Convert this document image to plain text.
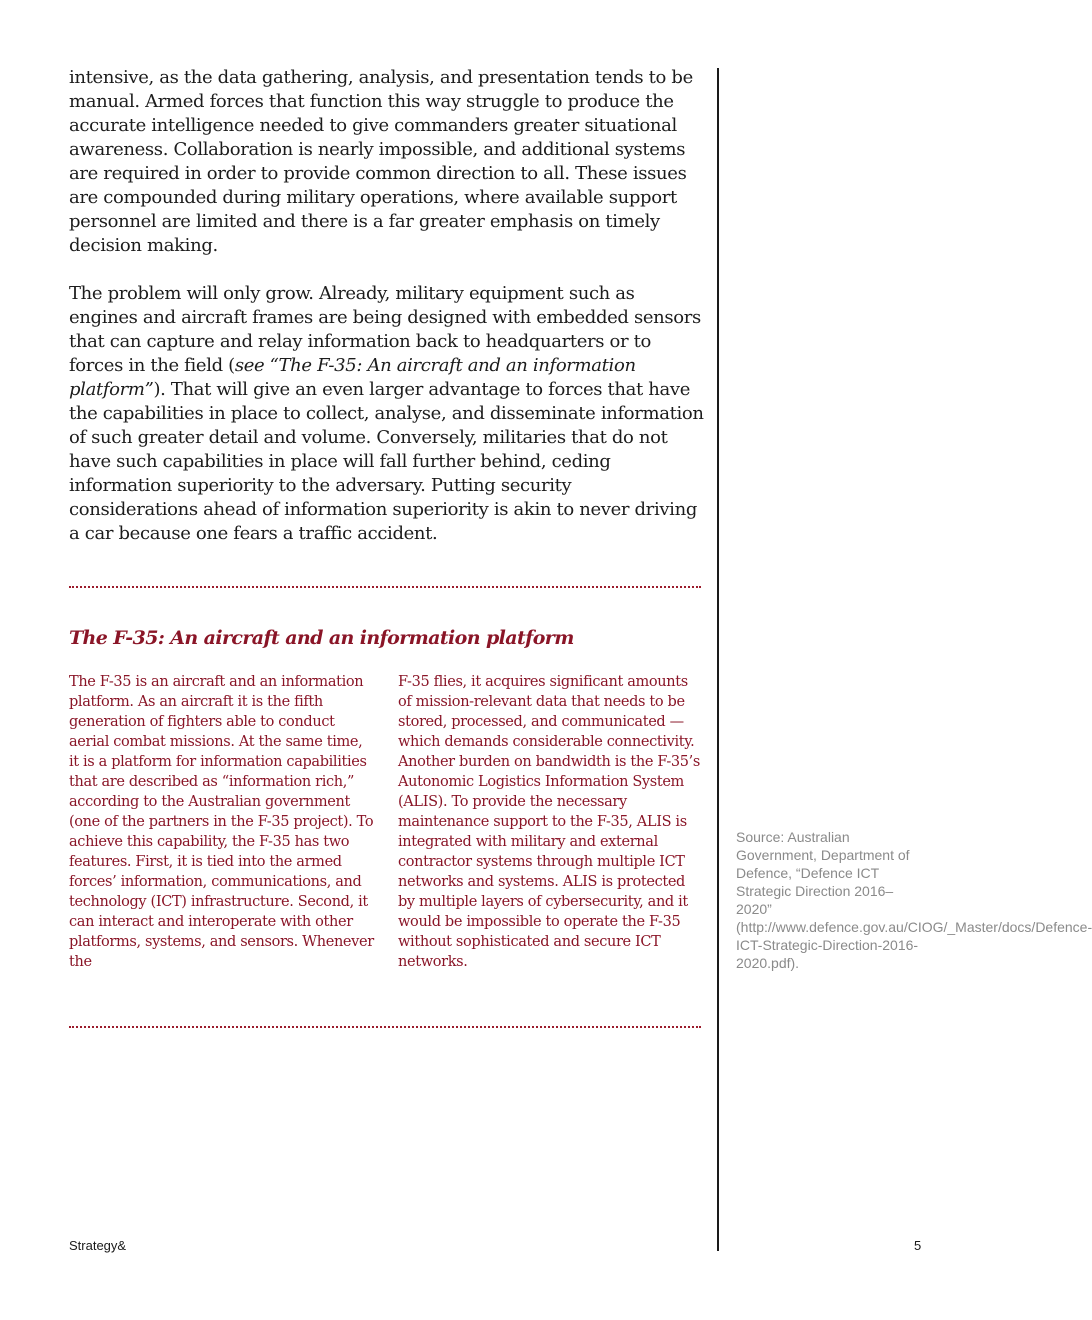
intensive, as the data gathering, analysis, and presentation tends to be manual. Armed forces that function this way struggle to produce the accurate intelligence needed to give commanders greater situational awareness. Collaboration is nearly impossible, and additional systems are required in order to provide common direction to all. These issues are compounded during military operations, where available support personnel are limited and there is a far greater emphasis on timely decision making.

The problem will only grow. Already, military equipment such as engines and aircraft frames are being designed with embedded sensors that can capture and relay information back to headquarters or to forces in the field (see “The F-35: An aircraft and an information platform”). That will give an even larger advantage to forces that have the capabilities in place to collect, analyse, and disseminate information of such greater detail and volume. Conversely, militaries that do not have such capabilities in place will fall further behind, ceding information superiority to the adversary. Putting security considerations ahead of information superiority is akin to never driving a car because one fears a traffic accident.

The F-35: An aircraft and an information platform

The F-35 is an aircraft and an information platform. As an aircraft it is the fifth generation of fighters able to conduct aerial combat missions. At the same time, it is a platform for information capabilities that are described as “information rich,” according to the Australian government (one of the partners in the F-35 project). To achieve this capability, the F-35 has two features. First, it is tied into the armed forces’ information, communications, and technology (ICT) infrastructure. Second, it can interact and interoperate with other platforms, systems, and sensors. Whenever the

F-35 flies, it acquires significant amounts of mission-relevant data that needs to be stored, processed, and communicated — which demands considerable connectivity. Another burden on bandwidth is the F-35’s Autonomic Logistics Information System (ALIS). To provide the necessary maintenance support to the F-35, ALIS is integrated with military and external contractor systems through multiple ICT networks and systems. ALIS is protected by multiple layers of cybersecurity, and it would be impossible to operate the F-35 without sophisticated and secure ICT networks.

Source: Australian Government, Department of Defence, “Defence ICT Strategic Direction 2016–2020” (http://www.defence.gov.au/CIOG/_Master/docs/Defence-ICT-Strategic-Direction-2016-2020.pdf).

Strategy&	5
